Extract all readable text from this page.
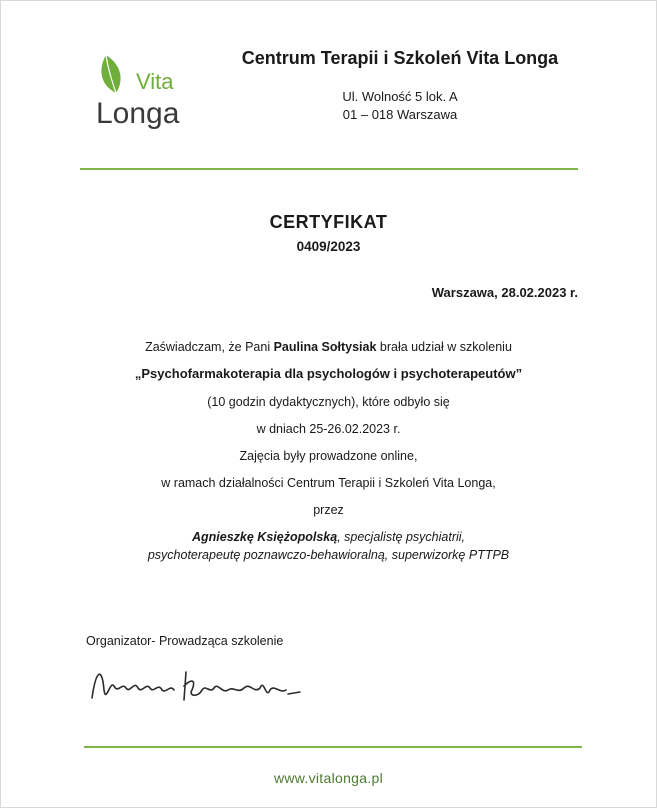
Vita
Longa
Centrum Terapii i Szkoleń Vita Longa
Ul. Wolność 5 lok. A
01 – 018 Warszawa
CERTYFIKAT
0409/2023
Warszawa, 28.02.2023 r.
Zaświadczam, że Pani Paulina Sołtysiak brała udział w szkoleniu
„Psychofarmakoterapia dla psychologów i psychoterapeutów”
(10 godzin dydaktycznych), które odbyło się
w dniach 25-26.02.2023 r.
Zajęcia były prowadzone online,
w ramach działalności Centrum Terapii i Szkoleń Vita Longa,
przez
Agnieszkę Księżopolską, specjalistę psychiatrii,
psychoterapeutę poznawczo-behawioralną, superwizorkę PTTPB
Organizator- Prowadząca szkolenie
www.vitalonga.pl
